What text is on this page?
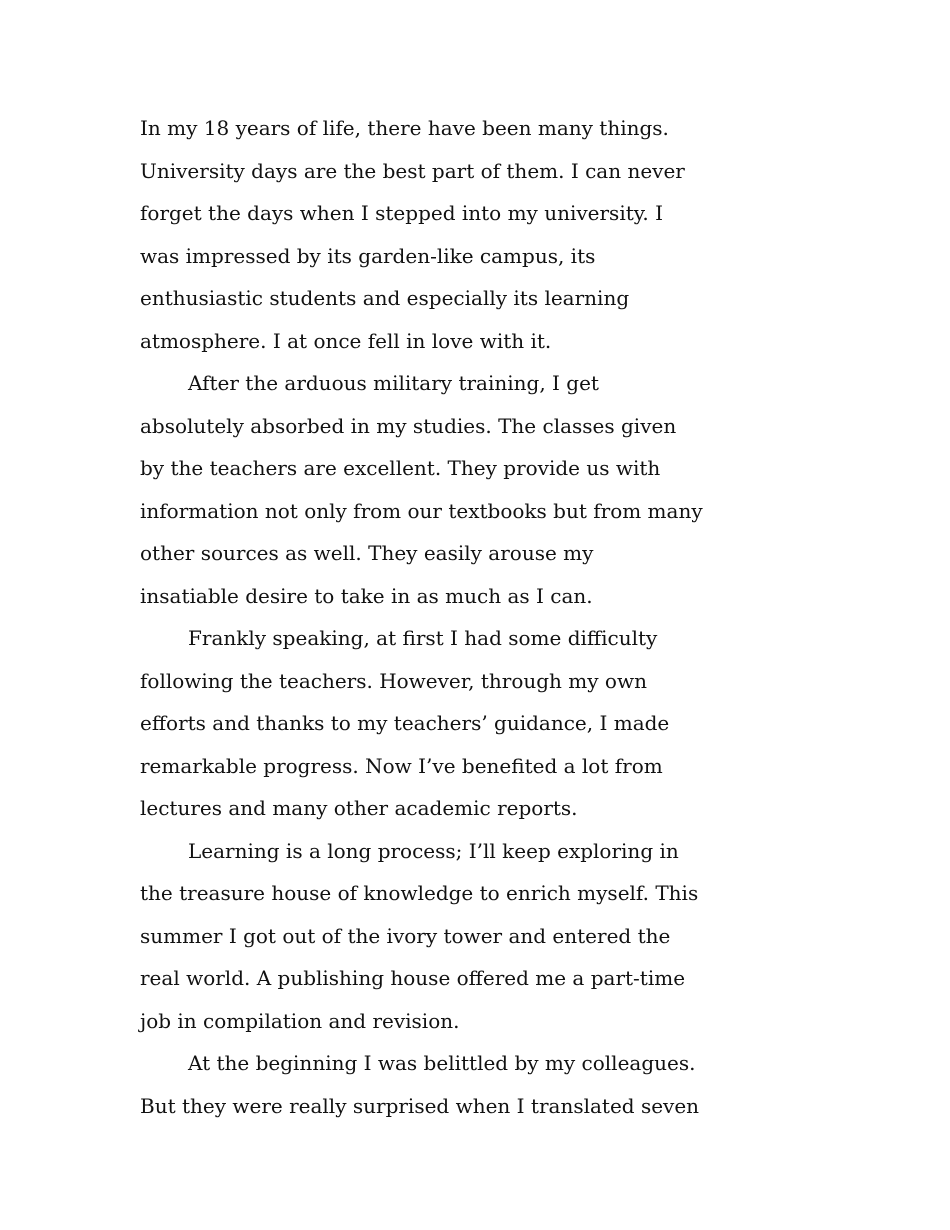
In my 18 years of life, there have been many things.
University days are the best part of them. I can never
forget the days when I stepped into my university. I
was impressed by its garden-like campus, its
enthusiastic students and especially its learning
atmosphere. I at once fell in love with it.
After the arduous military training, I get
absolutely absorbed in my studies. The classes given
by the teachers are excellent. They provide us with
information not only from our textbooks but from many
other sources as well. They easily arouse my
insatiable desire to take in as much as I can.
Frankly speaking, at first I had some difficulty
following the teachers. However, through my own
efforts and thanks to my teachers’ guidance, I made
remarkable progress. Now I’ve benefited a lot from
lectures and many other academic reports.
Learning is a long process; I’ll keep exploring in
the treasure house of knowledge to enrich myself. This
summer I got out of the ivory tower and entered the
real world. A publishing house offered me a part-time
job in compilation and revision.
At the beginning I was belittled by my colleagues.
But they were really surprised when I translated seven
